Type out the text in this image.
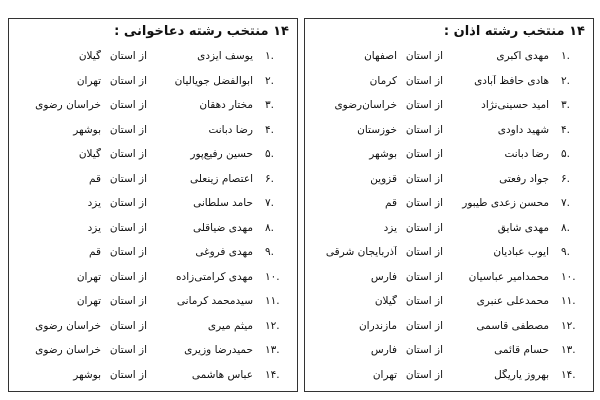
۱۴ منتخب رشته اذان :
۱.
مهدی اکبری
از استان
اصفهان
۲.
هادی حافظ آبادی
از استان
کرمان
۳.
امید حسینی‌نژاد
از استان
خراسان‌رضوی
۴.
شهید داودی
از استان
خوزستان
۵.
رضا دبانت
از استان
بوشهر
۶.
جواد رفعتی
از استان
قزوین
۷.
محسن زعدی طیبور
از استان
قم
۸.
مهدی شایق
از استان
یزد
۹.
ایوب عبادیان
از استان
آذربایجان شرقی
۱۰.
محمدامیر عباسیان
از استان
فارس
۱۱.
محمدعلی عنبری
از استان
گیلان
۱۲.
مصطفی قاسمی
از استان
مازندران
۱۳.
حسام قائمی
از استان
فارس
۱۴.
بهروز یاریگل
از استان
تهران
۱۴ منتخب رشته دعاخوانی :
۱.
یوسف ایزدی
از استان
گیلان
۲.
ابوالفضل جویالیان
از استان
تهران
۳.
مختار دهقان
از استان
خراسان رضوی
۴.
رضا دبانت
از استان
بوشهر
۵.
حسین رفیع‌پور
از استان
گیلان
۶.
اعتصام زینعلی
از استان
قم
۷.
حامد سلطانی
از استان
یزد
۸.
مهدی ضیاقلی
از استان
یزد
۹.
مهدی فروغی
از استان
قم
۱۰.
مهدی کرامتی‌زاده
از استان
تهران
۱۱.
سیدمحمد کرمانی
از استان
تهران
۱۲.
میثم میری
از استان
خراسان رضوی
۱۳.
حمیدرضا وزیری
از استان
خراسان رضوی
۱۴.
عباس هاشمی
از استان
بوشهر
